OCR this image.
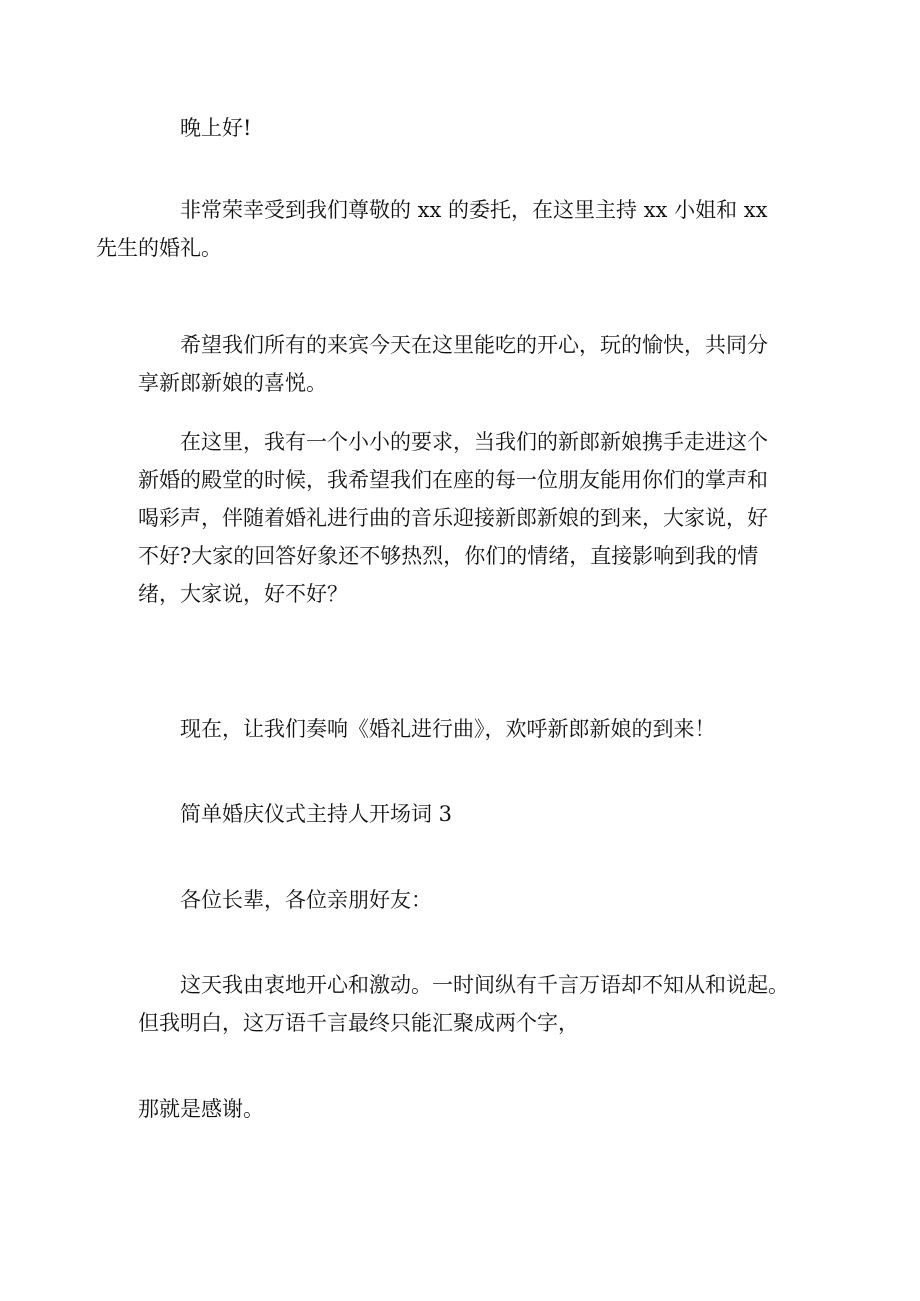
晚上好!

非常荣幸受到我们尊敬的 xx 的委托，在这里主持 xx 小姐和 xx
先生的婚礼。

希望我们所有的来宾今天在这里能吃的开心，玩的愉快，共同分
享新郎新娘的喜悦。

在这里，我有一个小小的要求，当我们的新郎新娘携手走进这个
新婚的殿堂的时候，我希望我们在座的每一位朋友能用你们的掌声和
喝彩声，伴随着婚礼进行曲的音乐迎接新郎新娘的到来，大家说，好
不好?大家的回答好象还不够热烈，你们的情绪，直接影响到我的情
绪，大家说，好不好？

现在，让我们奏响《婚礼进行曲》，欢呼新郎新娘的到来！

简单婚庆仪式主持人开场词 3

各位长辈，各位亲朋好友：

这天我由衷地开心和激动。一时间纵有千言万语却不知从和说起。
但我明白，这万语千言最终只能汇聚成两个字，

那就是感谢。
